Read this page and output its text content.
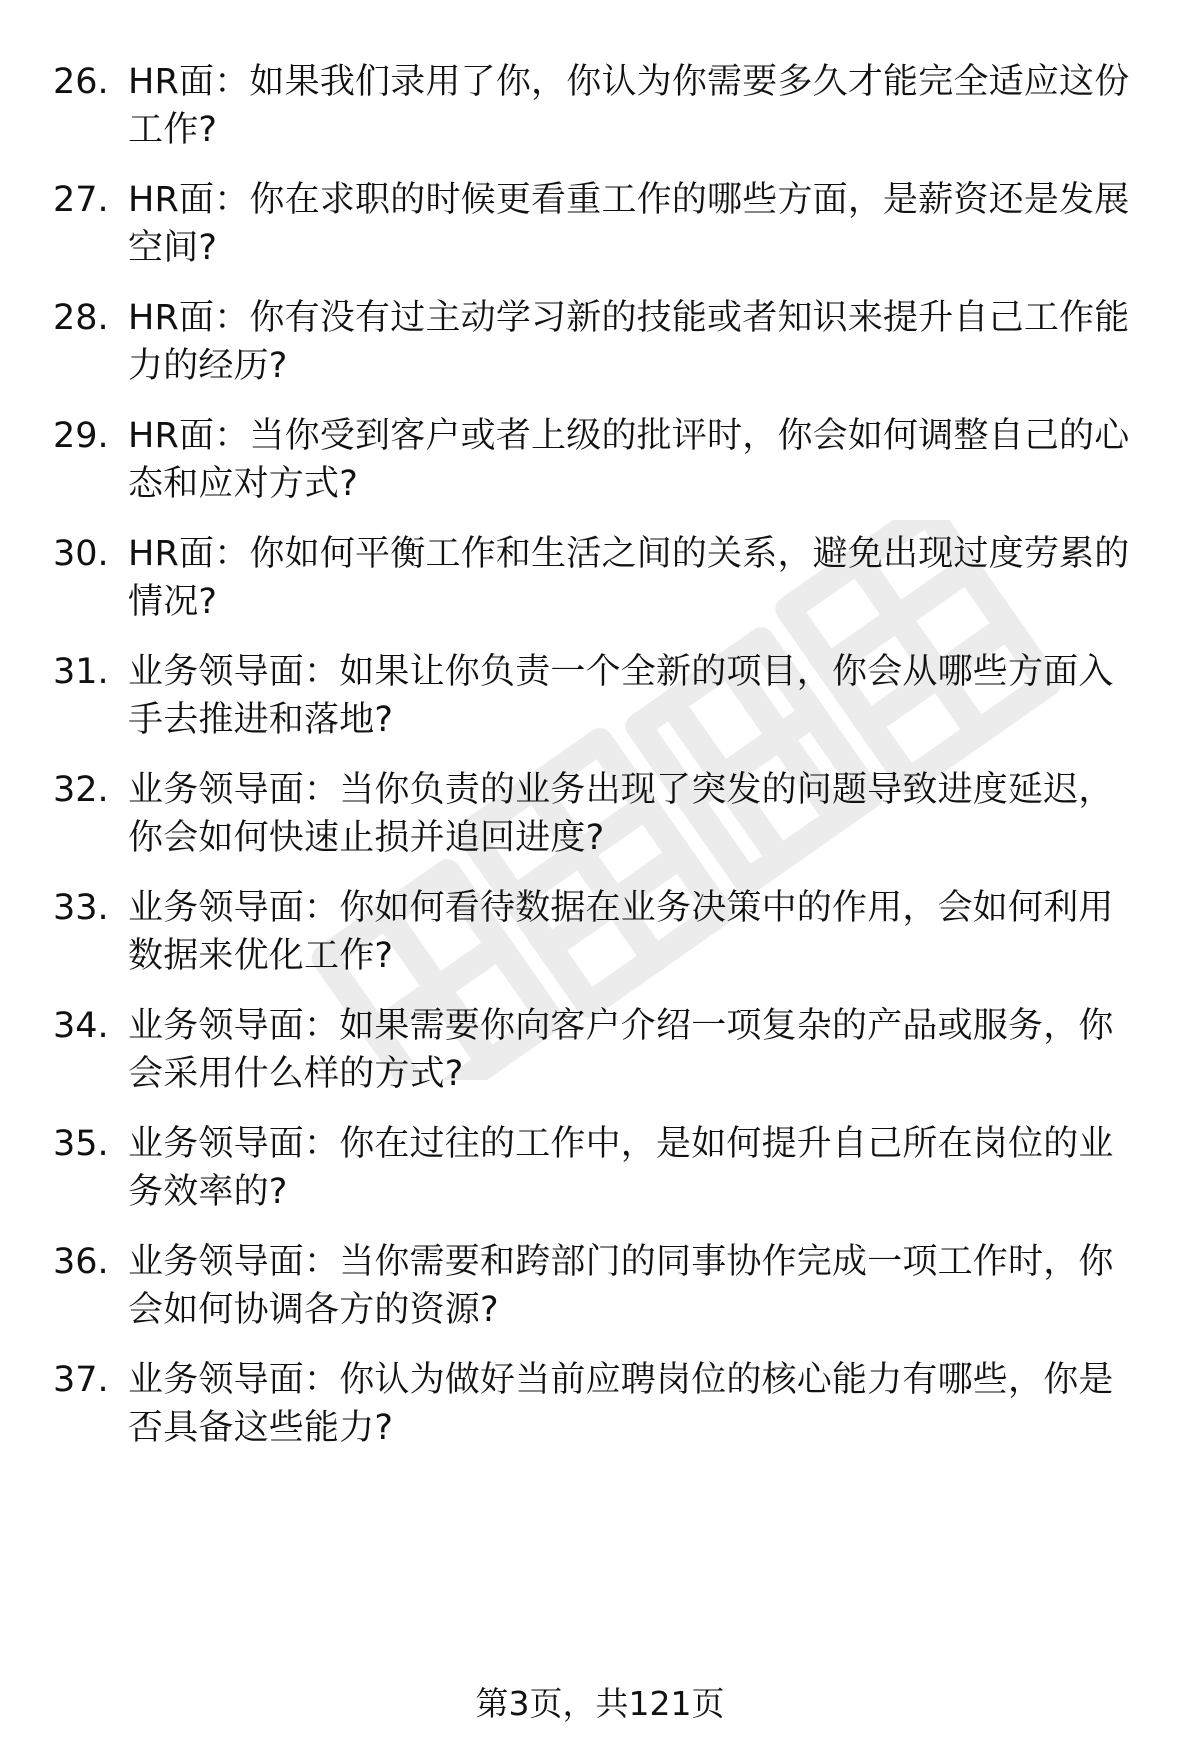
26. HR面：如果我们录用了你，你认为你需要多久才能完全适应这份
工作?
27. HR面：你在求职的时候更看重工作的哪些方面，是薪资还是发展
空间?
28. HR面：你有没有过主动学习新的技能或者知识来提升自己工作能
力的经历?
29. HR面：当你受到客户或者上级的批评时，你会如何调整自己的心
态和应对方式?
30. HR面：你如何平衡工作和生活之间的关系，避免出现过度劳累的
情况?
31. 业务领导面：如果让你负责一个全新的项目，你会从哪些方面入
手去推进和落地?
32. 业务领导面：当你负责的业务出现了突发的问题导致进度延迟，
你会如何快速止损并追回进度?
33. 业务领导面：你如何看待数据在业务决策中的作用，会如何利用
数据来优化工作?
34. 业务领导面：如果需要你向客户介绍一项复杂的产品或服务，你
会采用什么样的方式?
35. 业务领导面：你在过往的工作中，是如何提升自己所在岗位的业
务效率的?
36. 业务领导面：当你需要和跨部门的同事协作完成一项工作时，你
会如何协调各方的资源?
37. 业务领导面：你认为做好当前应聘岗位的核心能力有哪些，你是
否具备这些能力?
第3页，共121页
